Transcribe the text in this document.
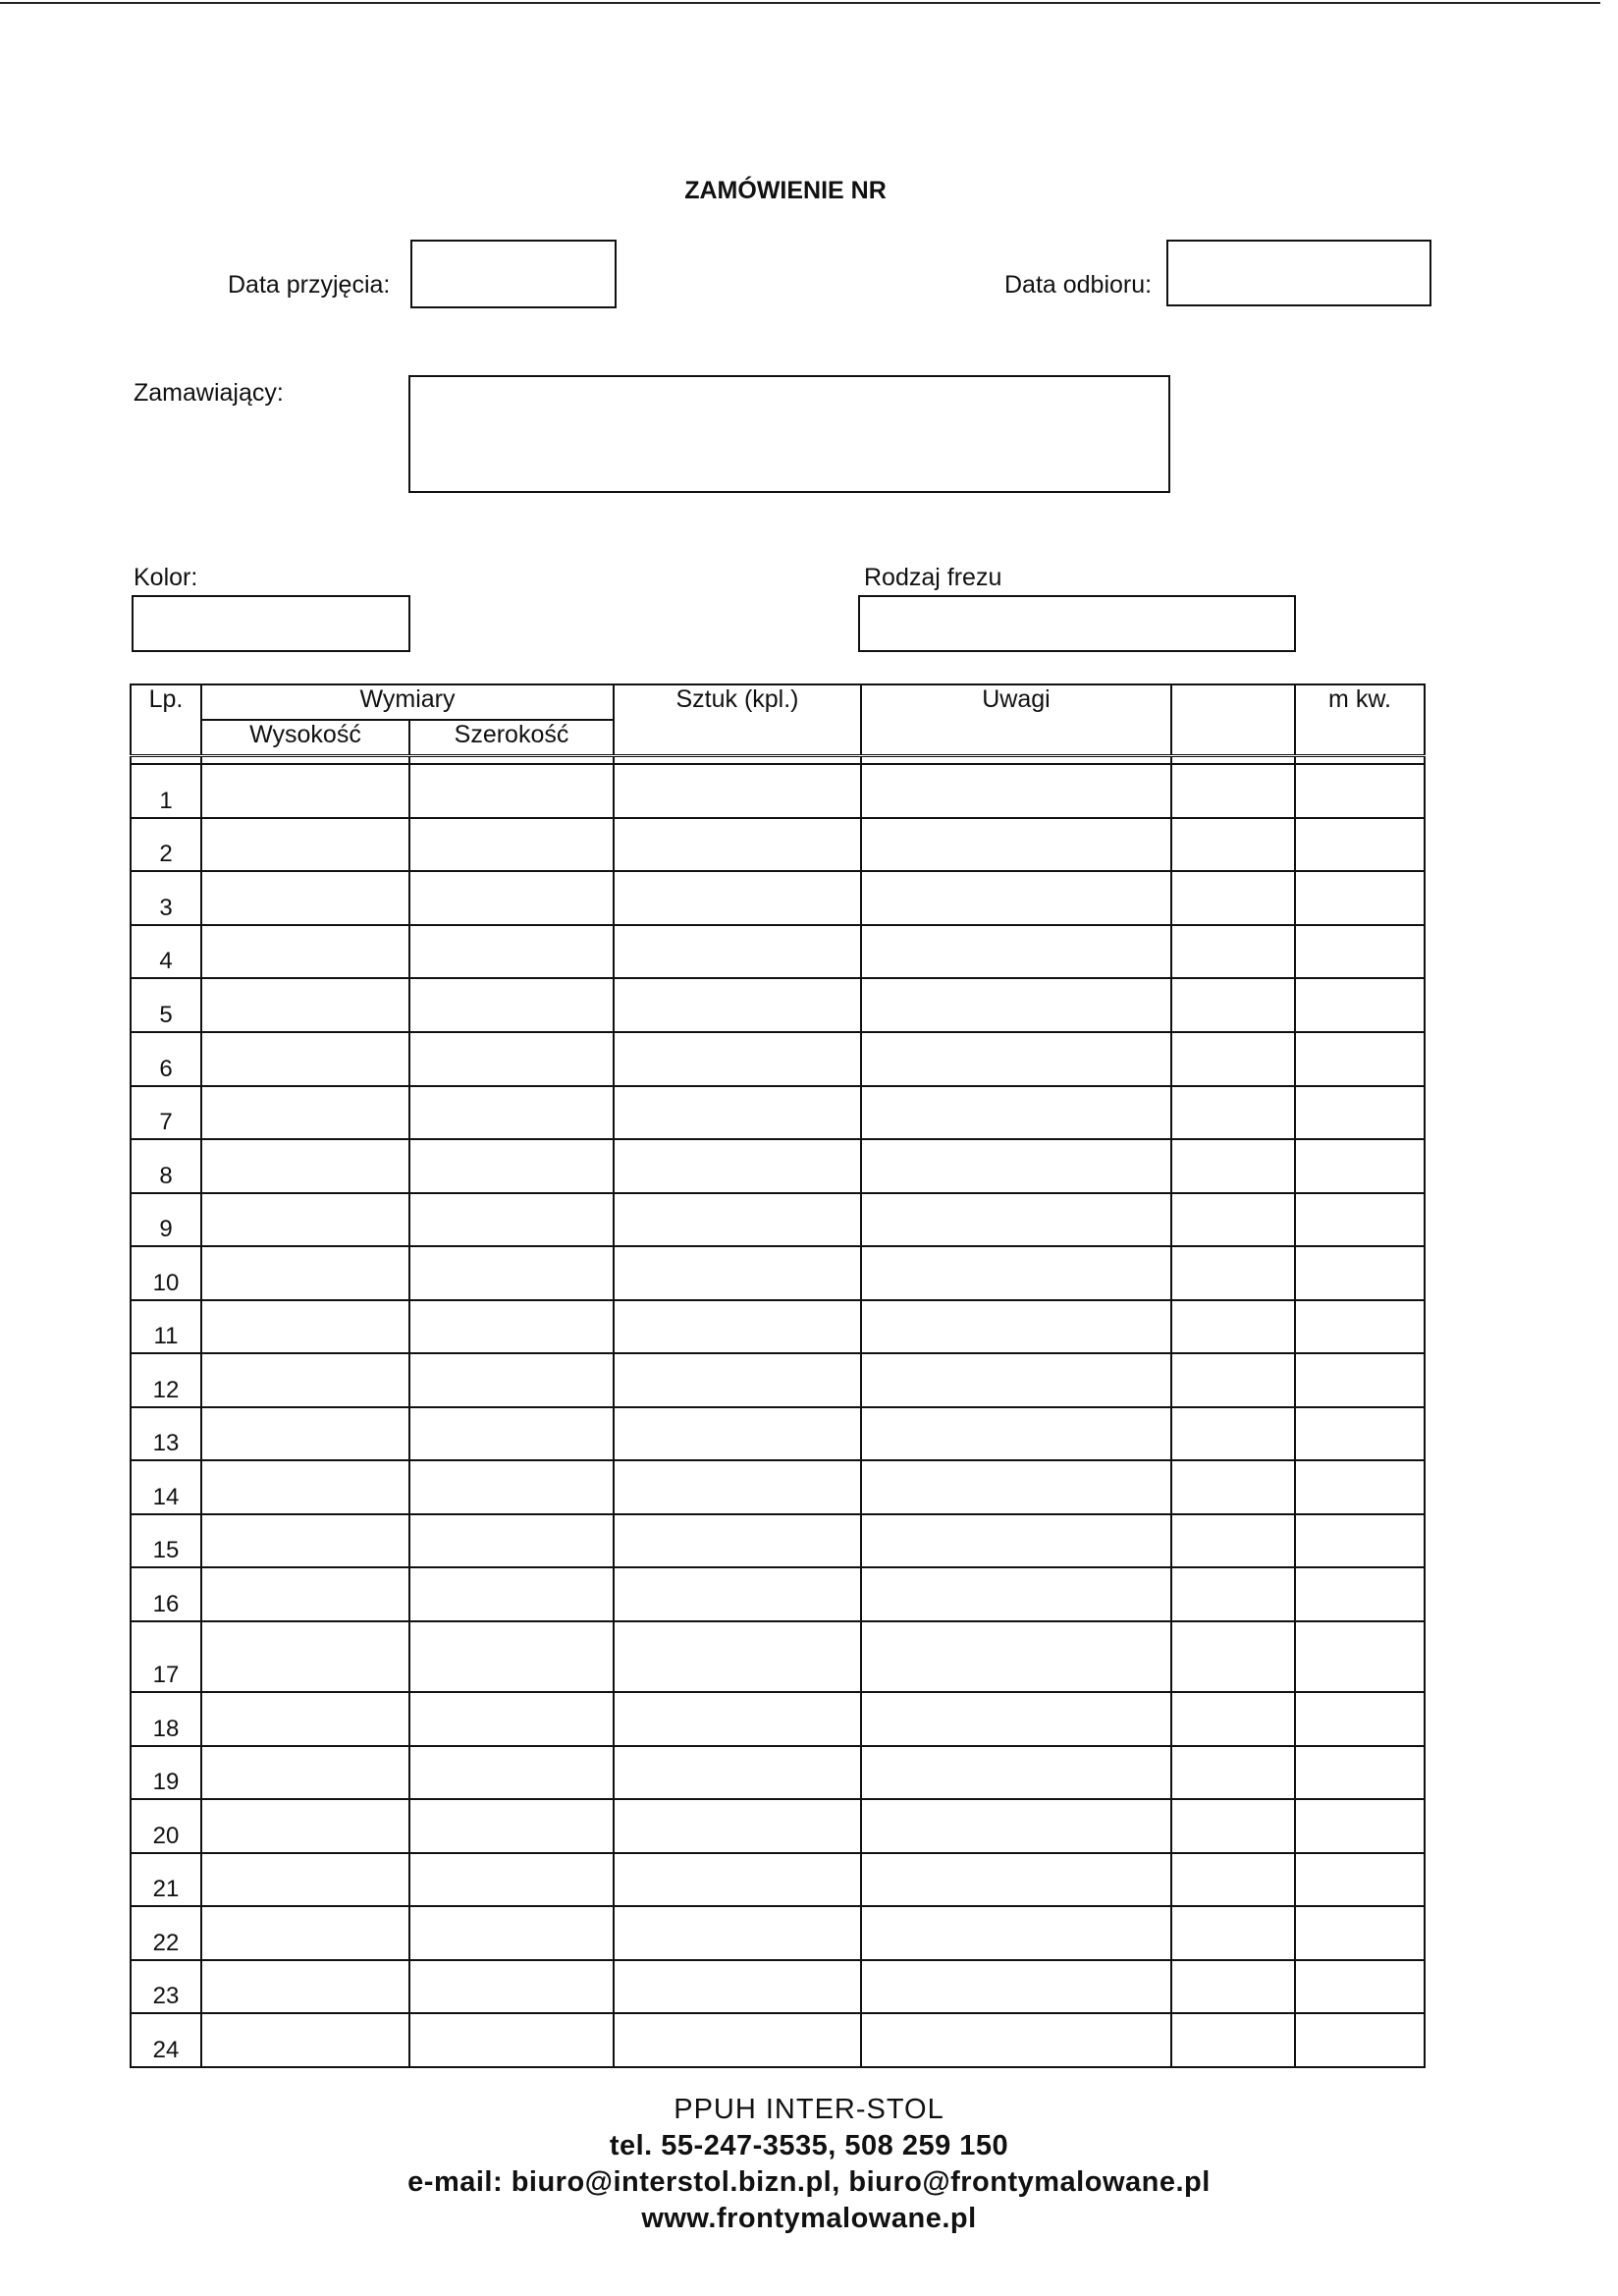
ZAMÓWIENIE NR
Data przyjęcia:	Data odbioru:
Zamawiający:
Kolor:	Rodzaj frezu
Lp.	Wymiary		Sztuk (kpl.)	Uwagi		m kw.
	Wysokość	Szerokość				

1						
2						
3						
4						
5						
6						
7						
8						
9						
10						
11						
12						
13						
14						
15						
16						
17						
18						
19						
20						
21						
22						
23						
24						
PPUH INTER-STOL
tel. 55-247-3535, 508 259 150
e-mail: biuro@interstol.bizn.pl, biuro@frontymalowane.pl
www.frontymalowane.pl
